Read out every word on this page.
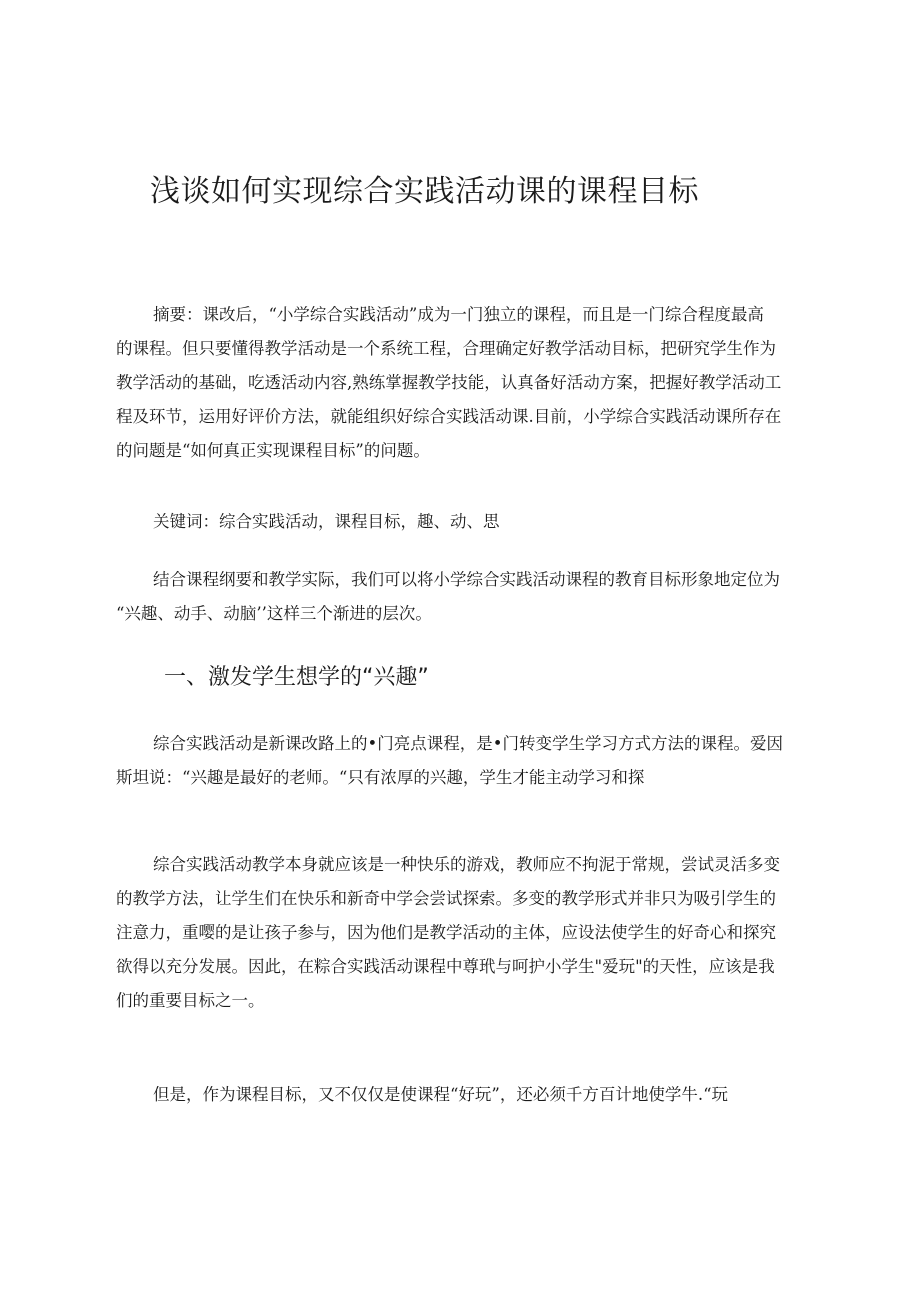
浅谈如何实现综合实践活动课的课程目标

摘要：课改后，“小学综合实践活动”成为一门独立的课程，而且是一门综合程度最高
的课程。但只要懂得教学活动是一个系统工程，合理确定好教学活动目标，把研究学生作为
教学活动的基础，吃透活动内容,熟练掌握教学技能，认真备好活动方案，把握好教学活动工
程及环节，运用好评价方法，就能组织好综合实践活动课.目前，小学综合实践活动课所存在
的问题是“如何真正实现课程目标”的问题。

关键词：综合实践活动，课程目标，趣、动、思

结合课程纲要和教学实际，我们可以将小学综合实践活动课程的教育目标形象地定位为
“兴趣、动手、动脑’’这样三个渐进的层次。

一、激发学生想学的“兴趣”

综合实践活动是新课改路上的•门亮点课程，是•门转变学生学习方式方法的课程。爱因
斯坦说：“兴趣是最好的老师。“只有浓厚的兴趣，学生才能主动学习和探

综合实践活动教学本身就应该是一种快乐的游戏，教师应不拘泥于常规，尝试灵活多变
的教学方法，让学生们在快乐和新奇中学会尝试探索。多变的教学形式并非只为吸引学生的
注意力，重嘤的是让孩子参与，因为他们是教学活动的主体，应设法使学生的好奇心和探究
欲得以充分发展。因此，在粽合实践活动课程中尊玳与呵护小学生"爱玩"的天性，应该是我
们的重要目标之一。

但是，作为课程目标，又不仅仅是使课程“好玩”，还必须千方百计地使学牛.“玩
